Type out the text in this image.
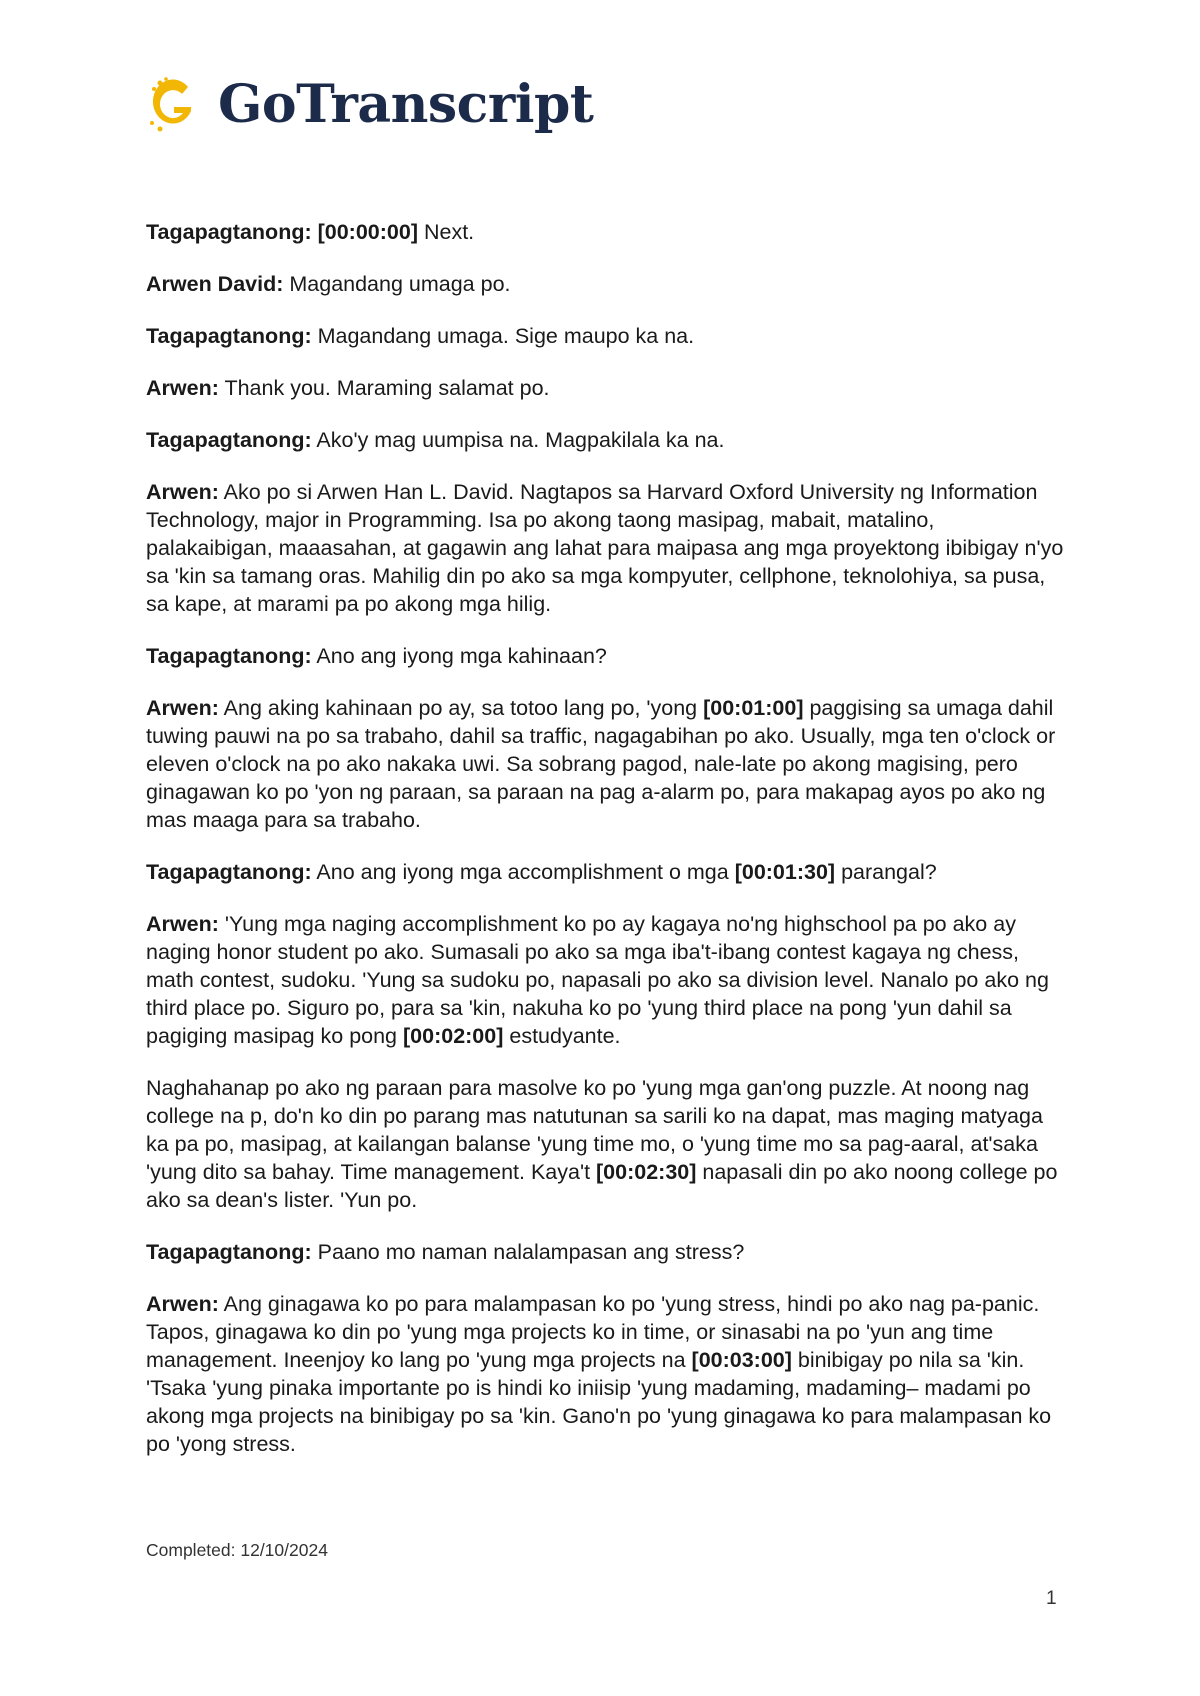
GoTranscript

Tagapagtanong: [00:00:00] Next.

Arwen David: Magandang umaga po.

Tagapagtanong: Magandang umaga. Sige maupo ka na.

Arwen: Thank you. Maraming salamat po.

Tagapagtanong: Ako'y mag uumpisa na. Magpakilala ka na.

Arwen: Ako po si Arwen Han L. David. Nagtapos sa Harvard Oxford University ng Information Technology, major in Programming. Isa po akong taong masipag, mabait, matalino, palakaibigan, maaasahan, at gagawin ang lahat para maipasa ang mga proyektong ibibigay n'yo sa 'kin sa tamang oras. Mahilig din po ako sa mga kompyuter, cellphone, teknolohiya, sa pusa, sa kape, at marami pa po akong mga hilig.

Tagapagtanong: Ano ang iyong mga kahinaan?

Arwen: Ang aking kahinaan po ay, sa totoo lang po, 'yong [00:01:00] paggising sa umaga dahil tuwing pauwi na po sa trabaho, dahil sa traffic, nagagabihan po ako. Usually, mga ten o'clock or eleven o'clock na po ako nakaka uwi. Sa sobrang pagod, nale-late po akong magising, pero ginagawan ko po 'yon ng paraan, sa paraan na pag a-alarm po, para makapag ayos po ako ng mas maaga para sa trabaho.

Tagapagtanong: Ano ang iyong mga accomplishment o mga [00:01:30] parangal?

Arwen: 'Yung mga naging accomplishment ko po ay kagaya no'ng highschool pa po ako ay naging honor student po ako. Sumasali po ako sa mga iba't-ibang contest kagaya ng chess, math contest, sudoku. 'Yung sa sudoku po, napasali po ako sa division level. Nanalo po ako ng third place po. Siguro po, para sa 'kin, nakuha ko po 'yung third place na pong 'yun dahil sa pagiging masipag ko pong [00:02:00] estudyante.

Naghahanap po ako ng paraan para masolve ko po 'yung mga gan'ong puzzle. At noong nag college na p, do'n ko din po parang mas natutunan sa sarili ko na dapat, mas maging matyaga ka pa po, masipag, at kailangan balanse 'yung time mo, o 'yung time mo sa pag-aaral, at'saka 'yung dito sa bahay. Time management. Kaya't [00:02:30] napasali din po ako noong college po ako sa dean's lister. 'Yun po.

Tagapagtanong: Paano mo naman nalalampasan ang stress?

Arwen: Ang ginagawa ko po para malampasan ko po 'yung stress, hindi po ako nag pa-panic. Tapos, ginagawa ko din po 'yung mga projects ko in time, or sinasabi na po 'yun ang time management. Ineenjoy ko lang po 'yung mga projects na [00:03:00] binibigay po nila sa 'kin. 'Tsaka 'yung pinaka importante po is hindi ko iniisip 'yung madaming, madaming– madami po akong mga projects na binibigay po sa 'kin. Gano'n po 'yung ginagawa ko para malampasan ko po 'yong stress.

Completed: 12/10/2024
1
